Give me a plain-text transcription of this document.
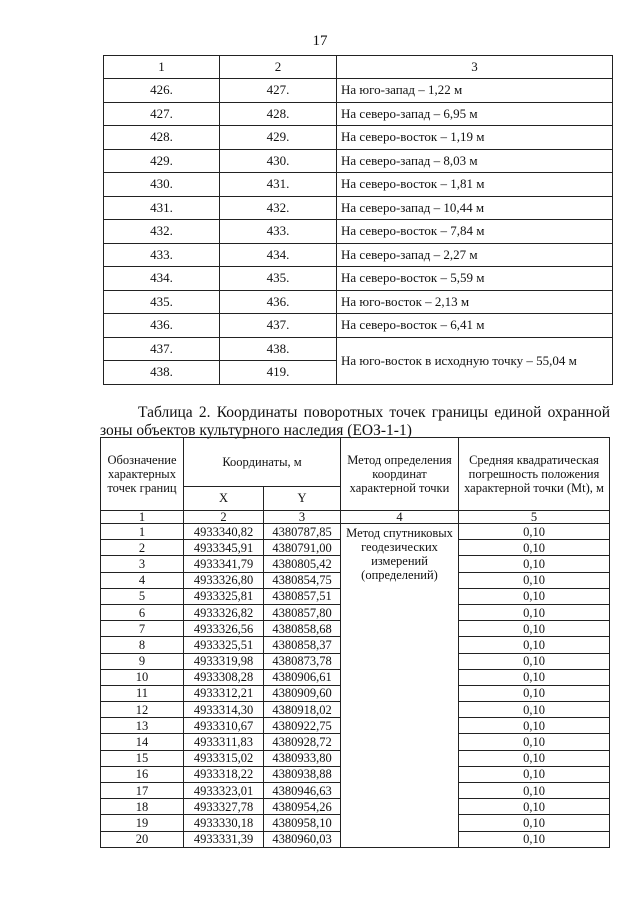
17
1	2	3
426.	427.	На юго-запад – 1,22 м
427.	428.	На северо-запад – 6,95 м
428.	429.	На северо-восток – 1,19 м
429.	430.	На северо-запад – 8,03 м
430.	431.	На северо-восток – 1,81 м
431.	432.	На северо-запад – 10,44 м
432.	433.	На северо-восток – 7,84 м
433.	434.	На северо-запад – 2,27 м
434.	435.	На северо-восток – 5,59 м
435.	436.	На юго-восток – 2,13 м
436.	437.	На северо-восток – 6,41 м
437.	438.	На юго-восток в исходную точку – 55,04 м
438.	419.	
Таблица 2. Координаты поворотных точек границы единой охранной
зоны объектов культурного наследия (ЕОЗ-1-1)
Обозначение характерных точек границ	Координаты, м		Метод определения координат характерной точки	Средняя квадратическая погрешность положения характерной точки (Mt), м
	X	Y		
1	2	3	4	5
1	4933340,82	4380787,85	Метод спутниковых геодезических измерений (определений)	0,10
2	4933345,91	4380791,00		0,10
3	4933341,79	4380805,42		0,10
4	4933326,80	4380854,75		0,10
5	4933325,81	4380857,51		0,10
6	4933326,82	4380857,80		0,10
7	4933326,56	4380858,68		0,10
8	4933325,51	4380858,37		0,10
9	4933319,98	4380873,78		0,10
10	4933308,28	4380906,61		0,10
11	4933312,21	4380909,60		0,10
12	4933314,30	4380918,02		0,10
13	4933310,67	4380922,75		0,10
14	4933311,83	4380928,72		0,10
15	4933315,02	4380933,80		0,10
16	4933318,22	4380938,88		0,10
17	4933323,01	4380946,63		0,10
18	4933327,78	4380954,26		0,10
19	4933330,18	4380958,10		0,10
20	4933331,39	4380960,03		0,10
